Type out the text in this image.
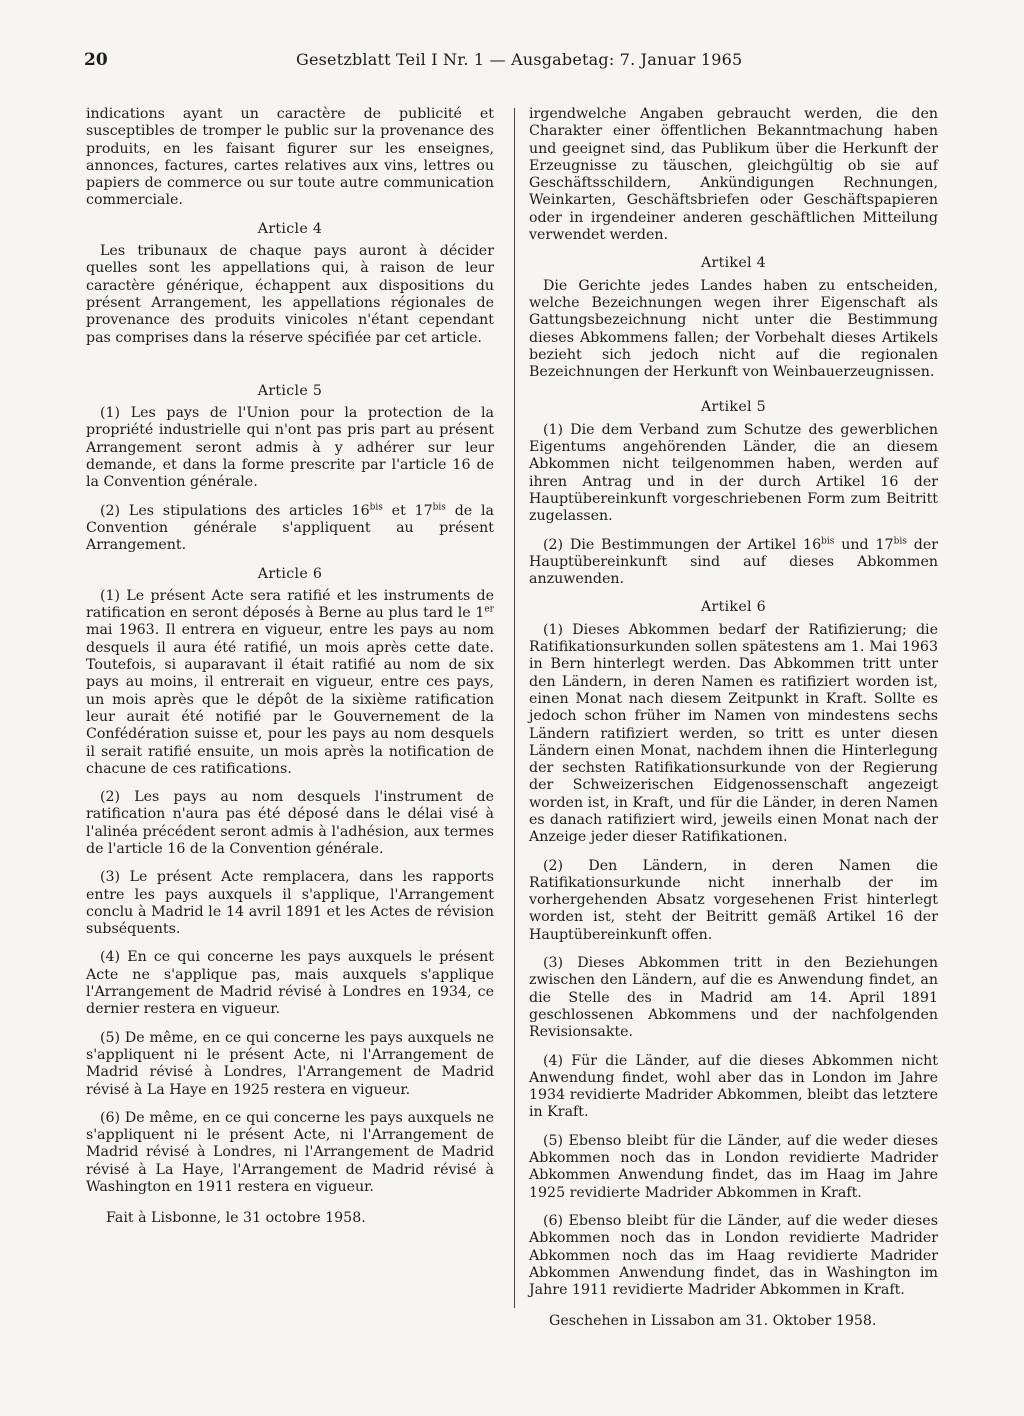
20	Gesetzblatt Teil I Nr. 1 — Ausgabetag: 7. Januar 1965

indications ayant un caractère de publicité et susceptibles de tromper le public sur la provenance des produits, en les faisant figurer sur les enseignes, annonces, factures, cartes relatives aux vins, lettres ou papiers de commerce ou sur toute autre communication commerciale.

Article 4

Les tribunaux de chaque pays auront à décider quelles sont les appellations qui, à raison de leur caractère générique, échappent aux dispositions du présent Arrangement, les appellations régionales de provenance des produits vinicoles n'étant cependant pas comprises dans la réserve spécifiée par cet article.

Article 5

(1) Les pays de l'Union pour la protection de la propriété industrielle qui n'ont pas pris part au présent Arrangement seront admis à y adhérer sur leur demande, et dans la forme prescrite par l'article 16 de la Convention générale.

(2) Les stipulations des articles $16^{bis}$ et $17^{bis}$ de la Convention générale s'appliquent au présent Arrangement.

Article 6

(1) Le présent Acte sera ratifié et les instruments de ratification en seront déposés à Berne au plus tard le 1er mai 1963. Il entrera en vigueur, entre les pays au nom desquels il aura été ratifié, un mois après cette date. Toutefois, si auparavant il était ratifié au nom de six pays au moins, il entrerait en vigueur, entre ces pays, un mois après que le dépôt de la sixième ratification leur aurait été notifié par le Gouvernement de la Confédération suisse et, pour les pays au nom desquels il serait ratifié ensuite, un mois après la notification de chacune de ces ratifications.

(2) Les pays au nom desquels l'instrument de ratification n'aura pas été déposé dans le délai visé à l'alinéa précédent seront admis à l'adhésion, aux termes de l'article 16 de la Convention générale.

(3) Le présent Acte remplacera, dans les rapports entre les pays auxquels il s'applique, l'Arrangement conclu à Madrid le 14 avril 1891 et les Actes de révision subséquents.

(4) En ce qui concerne les pays auxquels le présent Acte ne s'applique pas, mais auxquels s'applique l'Arrangement de Madrid révisé à Londres en 1934, ce dernier restera en vigueur.

(5) De même, en ce qui concerne les pays auxquels ne s'appliquent ni le présent Acte, ni l'Arrangement de Madrid révisé à Londres, l'Arrangement de Madrid révisé à La Haye en 1925 restera en vigueur.

(6) De même, en ce qui concerne les pays auxquels ne s'appliquent ni le présent Acte, ni l'Arrangement de Madrid révisé à Londres, ni l'Arrangement de Madrid révisé à La Haye, l'Arrangement de Madrid révisé à Washington en 1911 restera en vigueur.

Fait à Lisbonne, le 31 octobre 1958.

irgendwelche Angaben gebraucht werden, die den Charakter einer öffentlichen Bekanntmachung haben und geeignet sind, das Publikum über die Herkunft der Erzeugnisse zu täuschen, gleichgültig ob sie auf Geschäftsschildern, Ankündigungen Rechnungen, Weinkarten, Geschäftsbriefen oder Geschäftspapieren oder in irgendeiner anderen geschäftlichen Mitteilung verwendet werden.

Artikel 4

Die Gerichte jedes Landes haben zu entscheiden, welche Bezeichnungen wegen ihrer Eigenschaft als Gattungsbezeichnung nicht unter die Bestimmung dieses Abkommens fallen; der Vorbehalt dieses Artikels bezieht sich jedoch nicht auf die regionalen Bezeichnungen der Herkunft von Weinbauerzeugnissen.

Artikel 5

(1) Die dem Verband zum Schutze des gewerblichen Eigentums angehörenden Länder, die an diesem Abkommen nicht teilgenommen haben, werden auf ihren Antrag und in der durch Artikel 16 der Hauptübereinkunft vorgeschriebenen Form zum Beitritt zugelassen.

(2) Die Bestimmungen der Artikel $16^{bis}$ und $17^{bis}$ der Hauptübereinkunft sind auf dieses Abkommen anzuwenden.

Artikel 6

(1) Dieses Abkommen bedarf der Ratifizierung; die Ratifikationsurkunden sollen spätestens am 1. Mai 1963 in Bern hinterlegt werden. Das Abkommen tritt unter den Ländern, in deren Namen es ratifiziert worden ist, einen Monat nach diesem Zeitpunkt in Kraft. Sollte es jedoch schon früher im Namen von mindestens sechs Ländern ratifiziert werden, so tritt es unter diesen Ländern einen Monat, nachdem ihnen die Hinterlegung der sechsten Ratifikationsurkunde von der Regierung der Schweizerischen Eidgenossenschaft angezeigt worden ist, in Kraft, und für die Länder, in deren Namen es danach ratifiziert wird, jeweils einen Monat nach der Anzeige jeder dieser Ratifikationen.

(2) Den Ländern, in deren Namen die Ratifikationsurkunde nicht innerhalb der im vorhergehenden Absatz vorgesehenen Frist hinterlegt worden ist, steht der Beitritt gemäß Artikel 16 der Hauptübereinkunft offen.

(3) Dieses Abkommen tritt in den Beziehungen zwischen den Ländern, auf die es Anwendung findet, an die Stelle des in Madrid am 14. April 1891 geschlossenen Abkommens und der nachfolgenden Revisionsakte.

(4) Für die Länder, auf die dieses Abkommen nicht Anwendung findet, wohl aber das in London im Jahre 1934 revidierte Madrider Abkommen, bleibt das letztere in Kraft.

(5) Ebenso bleibt für die Länder, auf die weder dieses Abkommen noch das in London revidierte Madrider Abkommen Anwendung findet, das im Haag im Jahre 1925 revidierte Madrider Abkommen in Kraft.

(6) Ebenso bleibt für die Länder, auf die weder dieses Abkommen noch das in London revidierte Madrider Abkommen noch das im Haag revidierte Madrider Abkommen Anwendung findet, das in Washington im Jahre 1911 revidierte Madrider Abkommen in Kraft.

Geschehen in Lissabon am 31. Oktober 1958.
